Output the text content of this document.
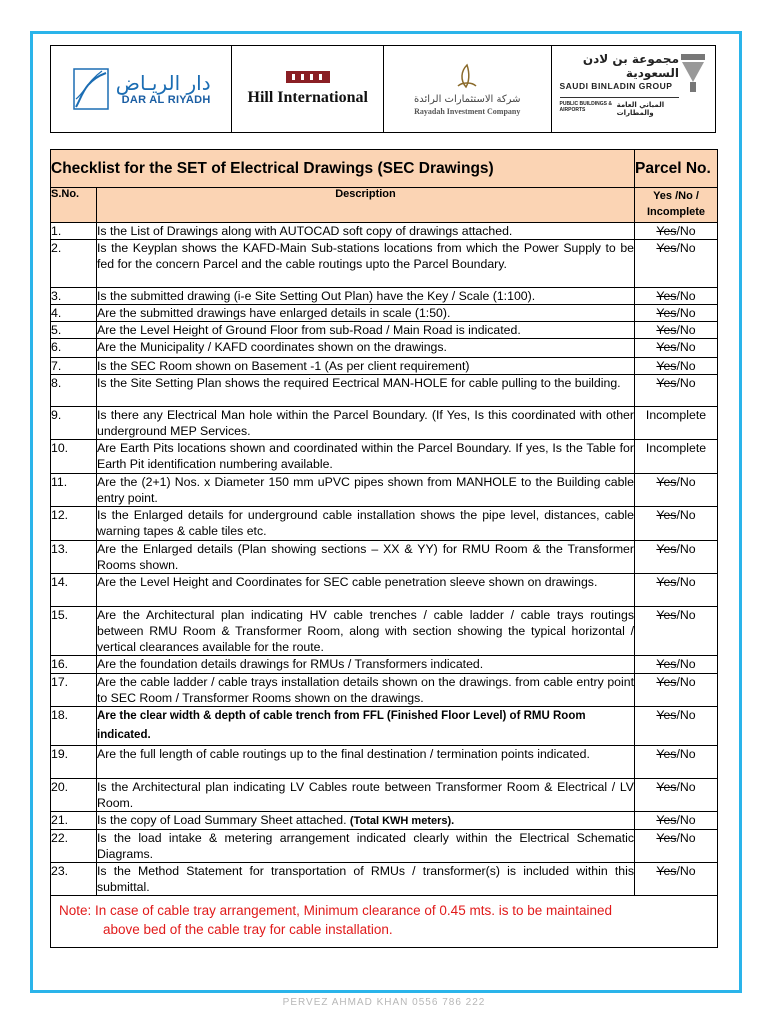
دار الريـاض
DAR AL RIYADH Hill International	شركة الاستثمارات الرائدة
Rayadah Investment Company
مجموعة بن لادن السعودية
SAUDI BINLADIN GROUP
PUBLIC BUILDINGS & AIRPORTS
المباني العامة والمطارات
Checklist for the SET of Electrical Drawings (SEC Drawings)		Parcel No.
S.No.	Description	Yes /No /
Incomplete
1.	Is the List of Drawings along with AUTOCAD soft copy of drawings attached.	Yes/No
2.	Is the Keyplan shows the KAFD-Main Sub-stations locations from which the Power Supply to be fed for the concern Parcel and the cable routings upto the Parcel Boundary.	Yes/No
3.	Is the submitted drawing (i-e Site Setting Out Plan) have the Key / Scale (1:100).	Yes/No
4.	Are the submitted drawings have enlarged details in scale (1:50).	Yes/No
5.	Are the Level Height of Ground Floor from sub-Road / Main Road is indicated.	Yes/No
6.	Are the Municipality / KAFD coordinates shown on the drawings.	Yes/No
7.	Is the SEC Room shown on Basement -1 (As per client requirement)	Yes/No
8.	Is the Site Setting Plan shows the required Eectrical MAN-HOLE for cable pulling to the building.	Yes/No
9.	Is there any Electrical Man hole within the Parcel Boundary. (If Yes, Is this coordinated with other underground MEP Services.	Incomplete
10.	Are Earth Pits locations shown and coordinated within the Parcel Boundary. If yes, Is the Table for Earth Pit identification numbering available.	Incomplete
11.	Are the (2+1) Nos. x Diameter 150 mm uPVC pipes shown from MANHOLE to the Building cable entry point.	Yes/No
12.	Is the Enlarged details for underground cable installation shows the pipe level, distances, cable warning tapes & cable tiles etc.	Yes/No
13.	Are the Enlarged details (Plan showing sections – XX & YY) for RMU Room & the Transformer Rooms shown.	Yes/No
14.	Are the Level Height and Coordinates for SEC cable penetration sleeve shown on drawings.	Yes/No
15.	Are the Architectural plan indicating HV cable trenches / cable ladder / cable trays routings between RMU Room & Transformer Room, along with section showing the typical horizontal / vertical clearances available for the route.	Yes/No
16.	Are the foundation details drawings for RMUs / Transformers indicated.	Yes/No
17.	Are the cable ladder / cable trays installation details shown on the drawings. from cable entry point to SEC Room / Transformer Rooms shown on the drawings.	Yes/No
18.	Are the clear width & depth of cable trench from FFL (Finished Floor Level) of RMU Room indicated.	Yes/No
19.	Are the full length of cable routings up to the final destination / termination points indicated.	Yes/No
20.	Is the Architectural plan indicating LV Cables route between Transformer Room & Electrical / LV Room.	Yes/No
21.	Is the copy of Load Summary Sheet attached. (Total KWH meters).	Yes/No
22.	Is the load intake & metering arrangement indicated clearly within the Electrical Schematic Diagrams.	Yes/No
23.	Is the Method Statement for transportation of RMUs / transformer(s) is included within this submittal.	Yes/No
Note: In case of cable tray arrangement, Minimum clearance of 0.45 mts. is to be maintained
above bed of the cable tray for cable installation.		
PERVEZ AHMAD KHAN 0556 786 222
